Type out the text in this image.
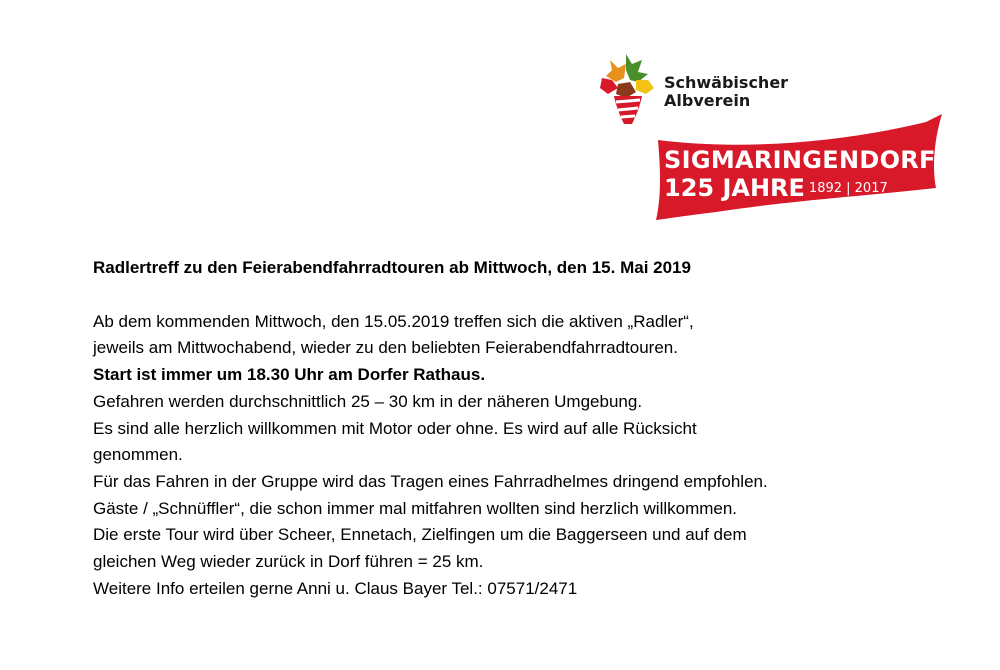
Schwäbischer
Albverein
SIGMARINGENDORF
125 JAHRE 1892 | 2017

Radlertreff zu den Feierabendfahrradtouren ab Mittwoch, den 15. Mai 2019

Ab dem kommenden Mittwoch, den 15.05.2019 treffen sich die aktiven „Radler“,

jeweils am Mittwochabend, wieder zu den beliebten Feierabendfahrradtouren.

Start ist immer um 18.30 Uhr am Dorfer Rathaus.

Gefahren werden durchschnittlich 25 – 30 km in der näheren Umgebung.

Es sind alle herzlich willkommen mit Motor oder ohne. Es wird auf alle Rücksicht

genommen.

Für das Fahren in der Gruppe wird das Tragen eines Fahrradhelmes dringend empfohlen.

Gäste / „Schnüffler“, die schon immer mal mitfahren wollten sind herzlich willkommen.

Die erste Tour wird über Scheer, Ennetach, Zielfingen um die Baggerseen und auf dem

gleichen Weg wieder zurück in Dorf führen = 25 km.

Weitere Info erteilen gerne Anni u. Claus Bayer Tel.: 07571/2471
